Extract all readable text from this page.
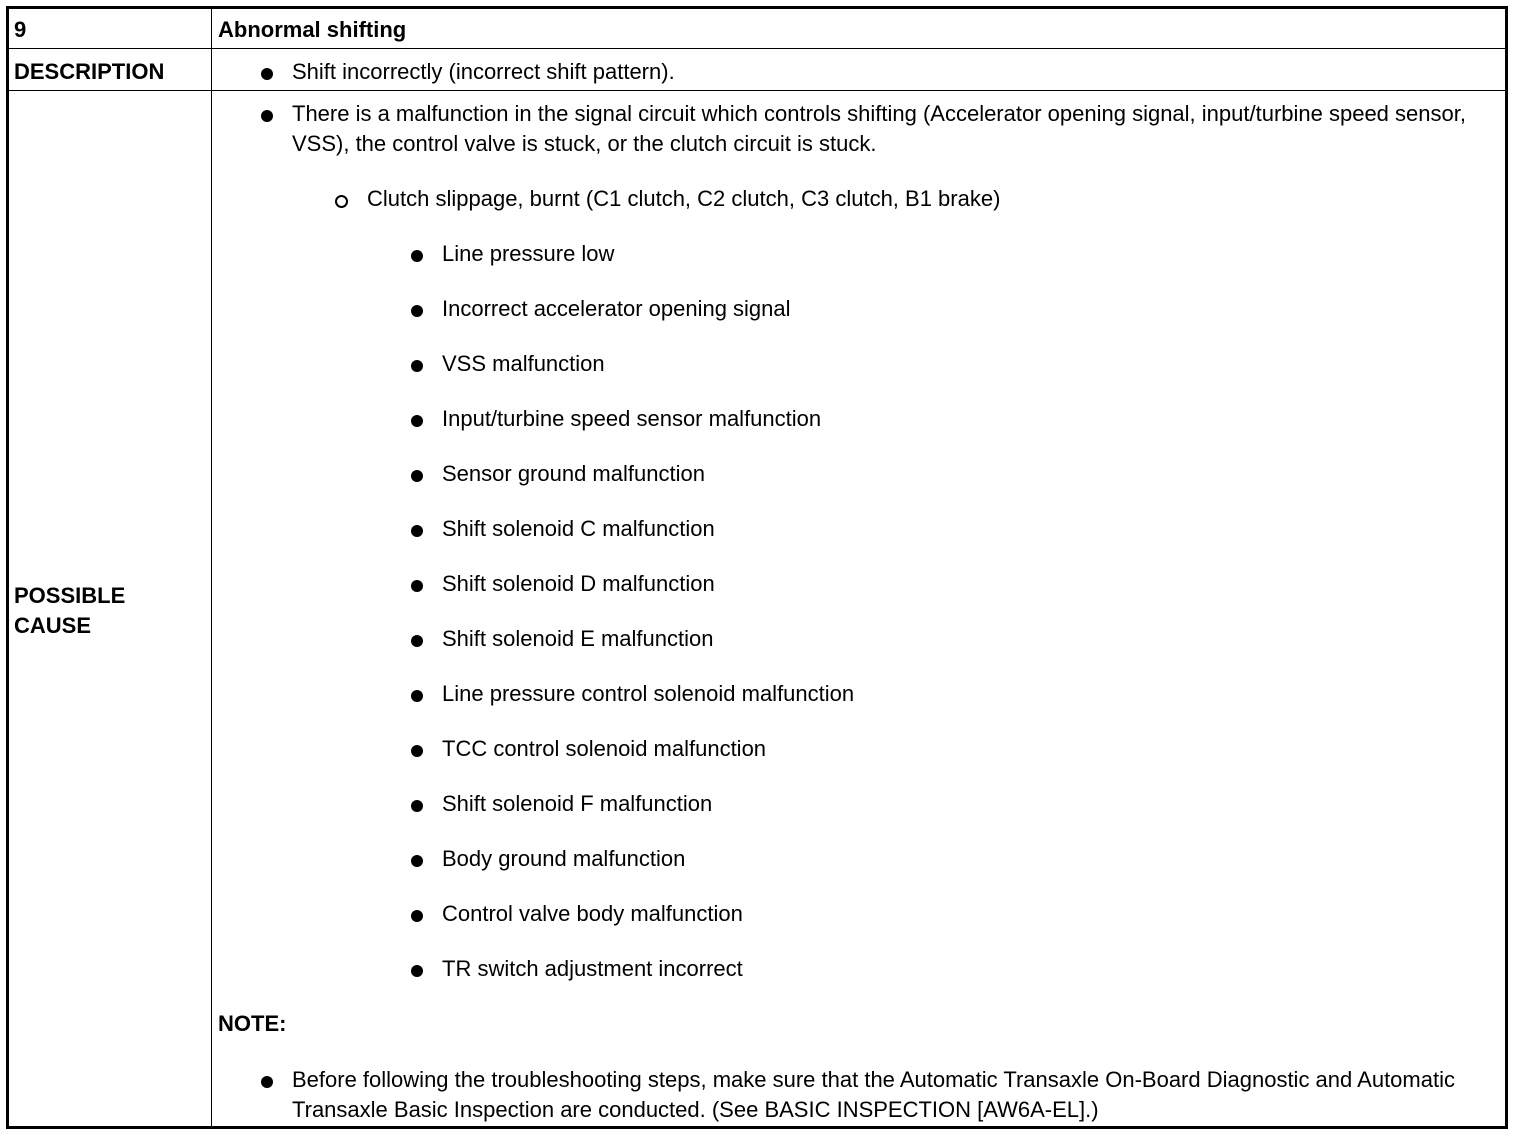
9	Abnormal shifting
DESCRIPTION	Shift incorrectly (incorrect shift pattern).
POSSIBLE
CAUSE
There is a malfunction in the signal circuit which controls shifting (Accelerator opening signal, input/turbine speed sensor, VSS), the control valve is stuck, or the clutch circuit is stuck.
Clutch slippage, burnt (C1 clutch, C2 clutch, C3 clutch, B1 brake)
Line pressure low
Incorrect accelerator opening signal
VSS malfunction
Input/turbine speed sensor malfunction
Sensor ground malfunction
Shift solenoid C malfunction
Shift solenoid D malfunction
Shift solenoid E malfunction
Line pressure control solenoid malfunction
TCC control solenoid malfunction
Shift solenoid F malfunction
Body ground malfunction
Control valve body malfunction
TR switch adjustment incorrect
NOTE:
Before following the troubleshooting steps, make sure that the Automatic Transaxle On-Board Diagnostic and Automatic Transaxle Basic Inspection are conducted. (See BASIC INSPECTION [AW6A-EL].)
